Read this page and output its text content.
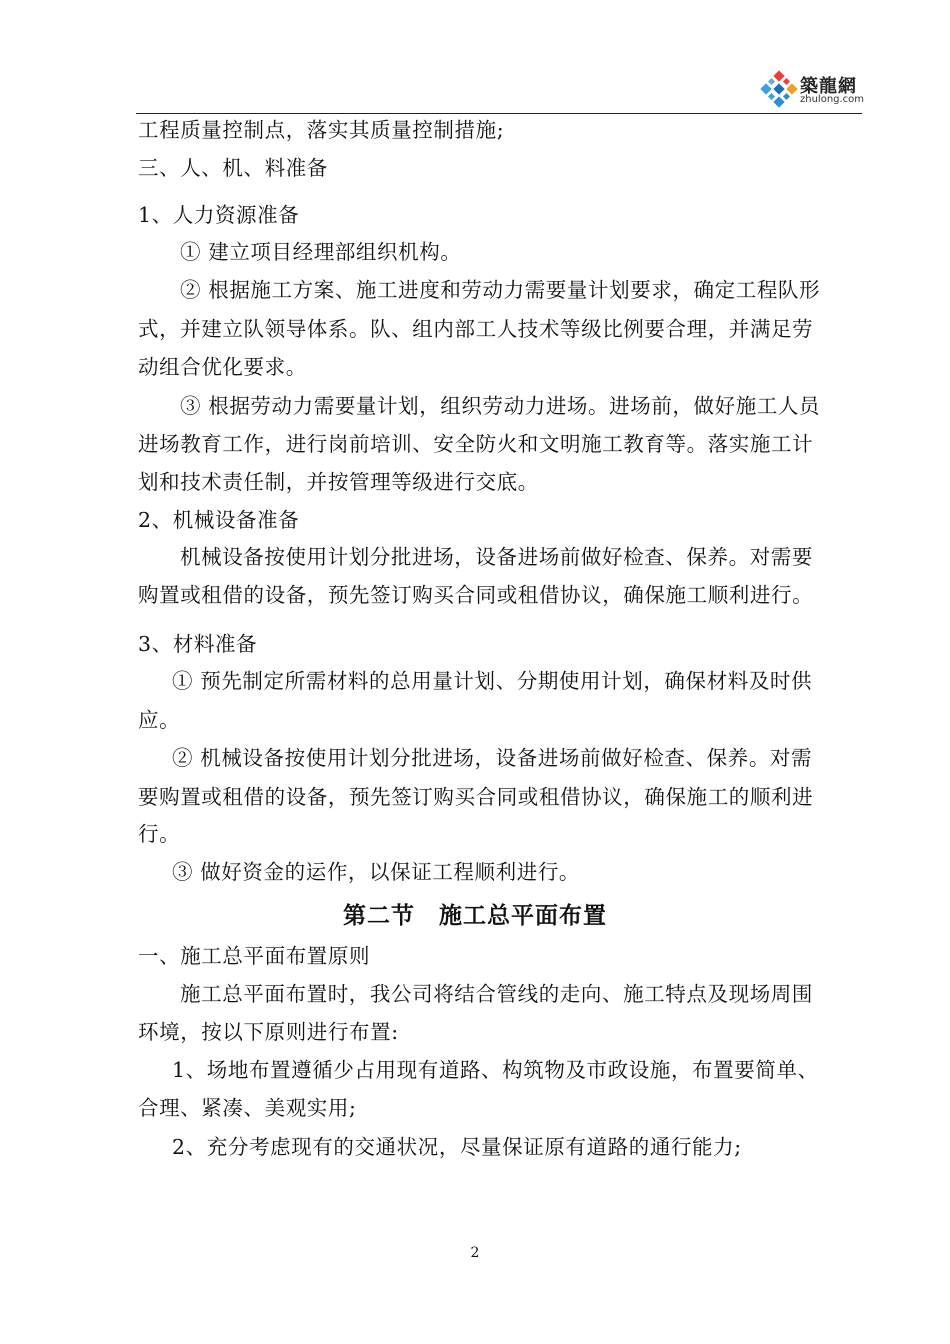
築龍網
zhulong.com
工程质量控制点，落实其质量控制措施;
三、人、机、料准备
1、人力资源准备
① 建立项目经理部组织机构。
② 根据施工方案、施工进度和劳动力需要量计划要求，确定工程队形
式，并建立队领导体系。队、组内部工人技术等级比例要合理，并满足劳
动组合优化要求。
③ 根据劳动力需要量计划，组织劳动力进场。进场前，做好施工人员
进场教育工作，进行岗前培训、安全防火和文明施工教育等。落实施工计
划和技术责任制，并按管理等级进行交底。
2、机械设备准备
机械设备按使用计划分批进场，设备进场前做好检查、保养。对需要
购置或租借的设备，预先签订购买合同或租借协议，确保施工顺利进行。
3、材料准备
① 预先制定所需材料的总用量计划、分期使用计划，确保材料及时供
应。
② 机械设备按使用计划分批进场，设备进场前做好检查、保养。对需
要购置或租借的设备，预先签订购买合同或租借协议，确保施工的顺利进
行。
③ 做好资金的运作，以保证工程顺利进行。
第二节　施工总平面布置
一、施工总平面布置原则
施工总平面布置时，我公司将结合管线的走向、施工特点及现场周围
环境，按以下原则进行布置:
1、场地布置遵循少占用现有道路、构筑物及市政设施，布置要简单、
合理、紧凑、美观实用;
2、充分考虑现有的交通状况，尽量保证原有道路的通行能力;
2
